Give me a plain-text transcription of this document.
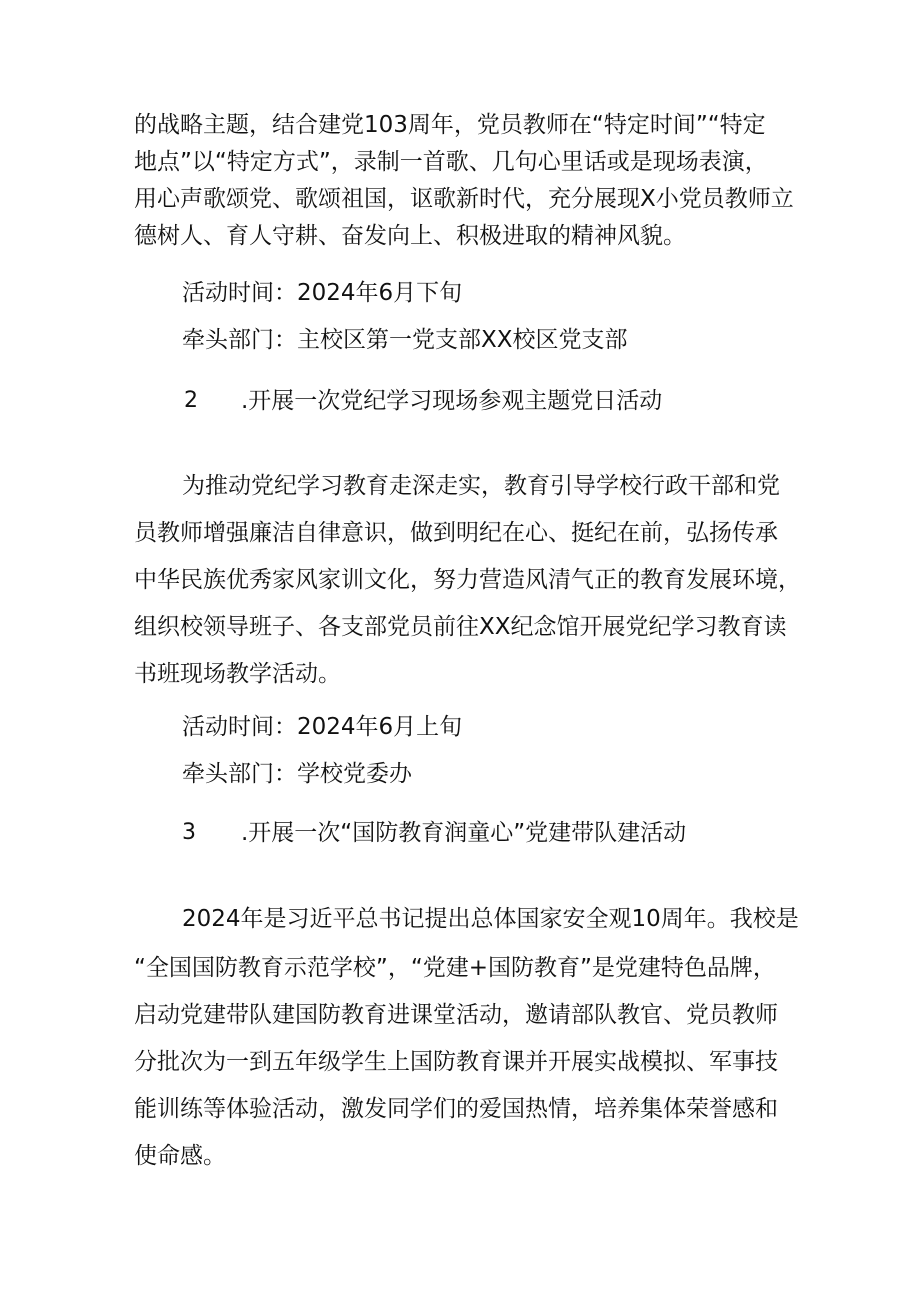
的战略主题，结合建党103周年，党员教师在“特定时间”“特定
地点”以“特定方式”，录制一首歌、几句心里话或是现场表演，
用心声歌颂党、歌颂祖国，讴歌新时代，充分展现X小党员教师立
德树人、育人守耕、奋发向上、积极进取的精神风貌。
活动时间：2024年6月下旬
牵头部门：主校区第一党支部XX校区党支部
2 .开展一次党纪学习现场参观主题党日活动
为推动党纪学习教育走深走实，教育引导学校行政干部和党
员教师增强廉洁自律意识，做到明纪在心、挺纪在前，弘扬传承
中华民族优秀家风家训文化，努力营造风清气正的教育发展环境，
组织校领导班子、各支部党员前往XX纪念馆开展党纪学习教育读
书班现场教学活动。
活动时间：2024年6月上旬
牵头部门：学校党委办
3 .开展一次“国防教育润童心”党建带队建活动
2024年是习近平总书记提出总体国家安全观10周年。我校是
“全国国防教育示范学校”，“党建+国防教育”是党建特色品牌，
启动党建带队建国防教育进课堂活动，邀请部队教官、党员教师
分批次为一到五年级学生上国防教育课并开展实战模拟、军事技
能训练等体验活动，激发同学们的爱国热情，培养集体荣誉感和
使命感。
